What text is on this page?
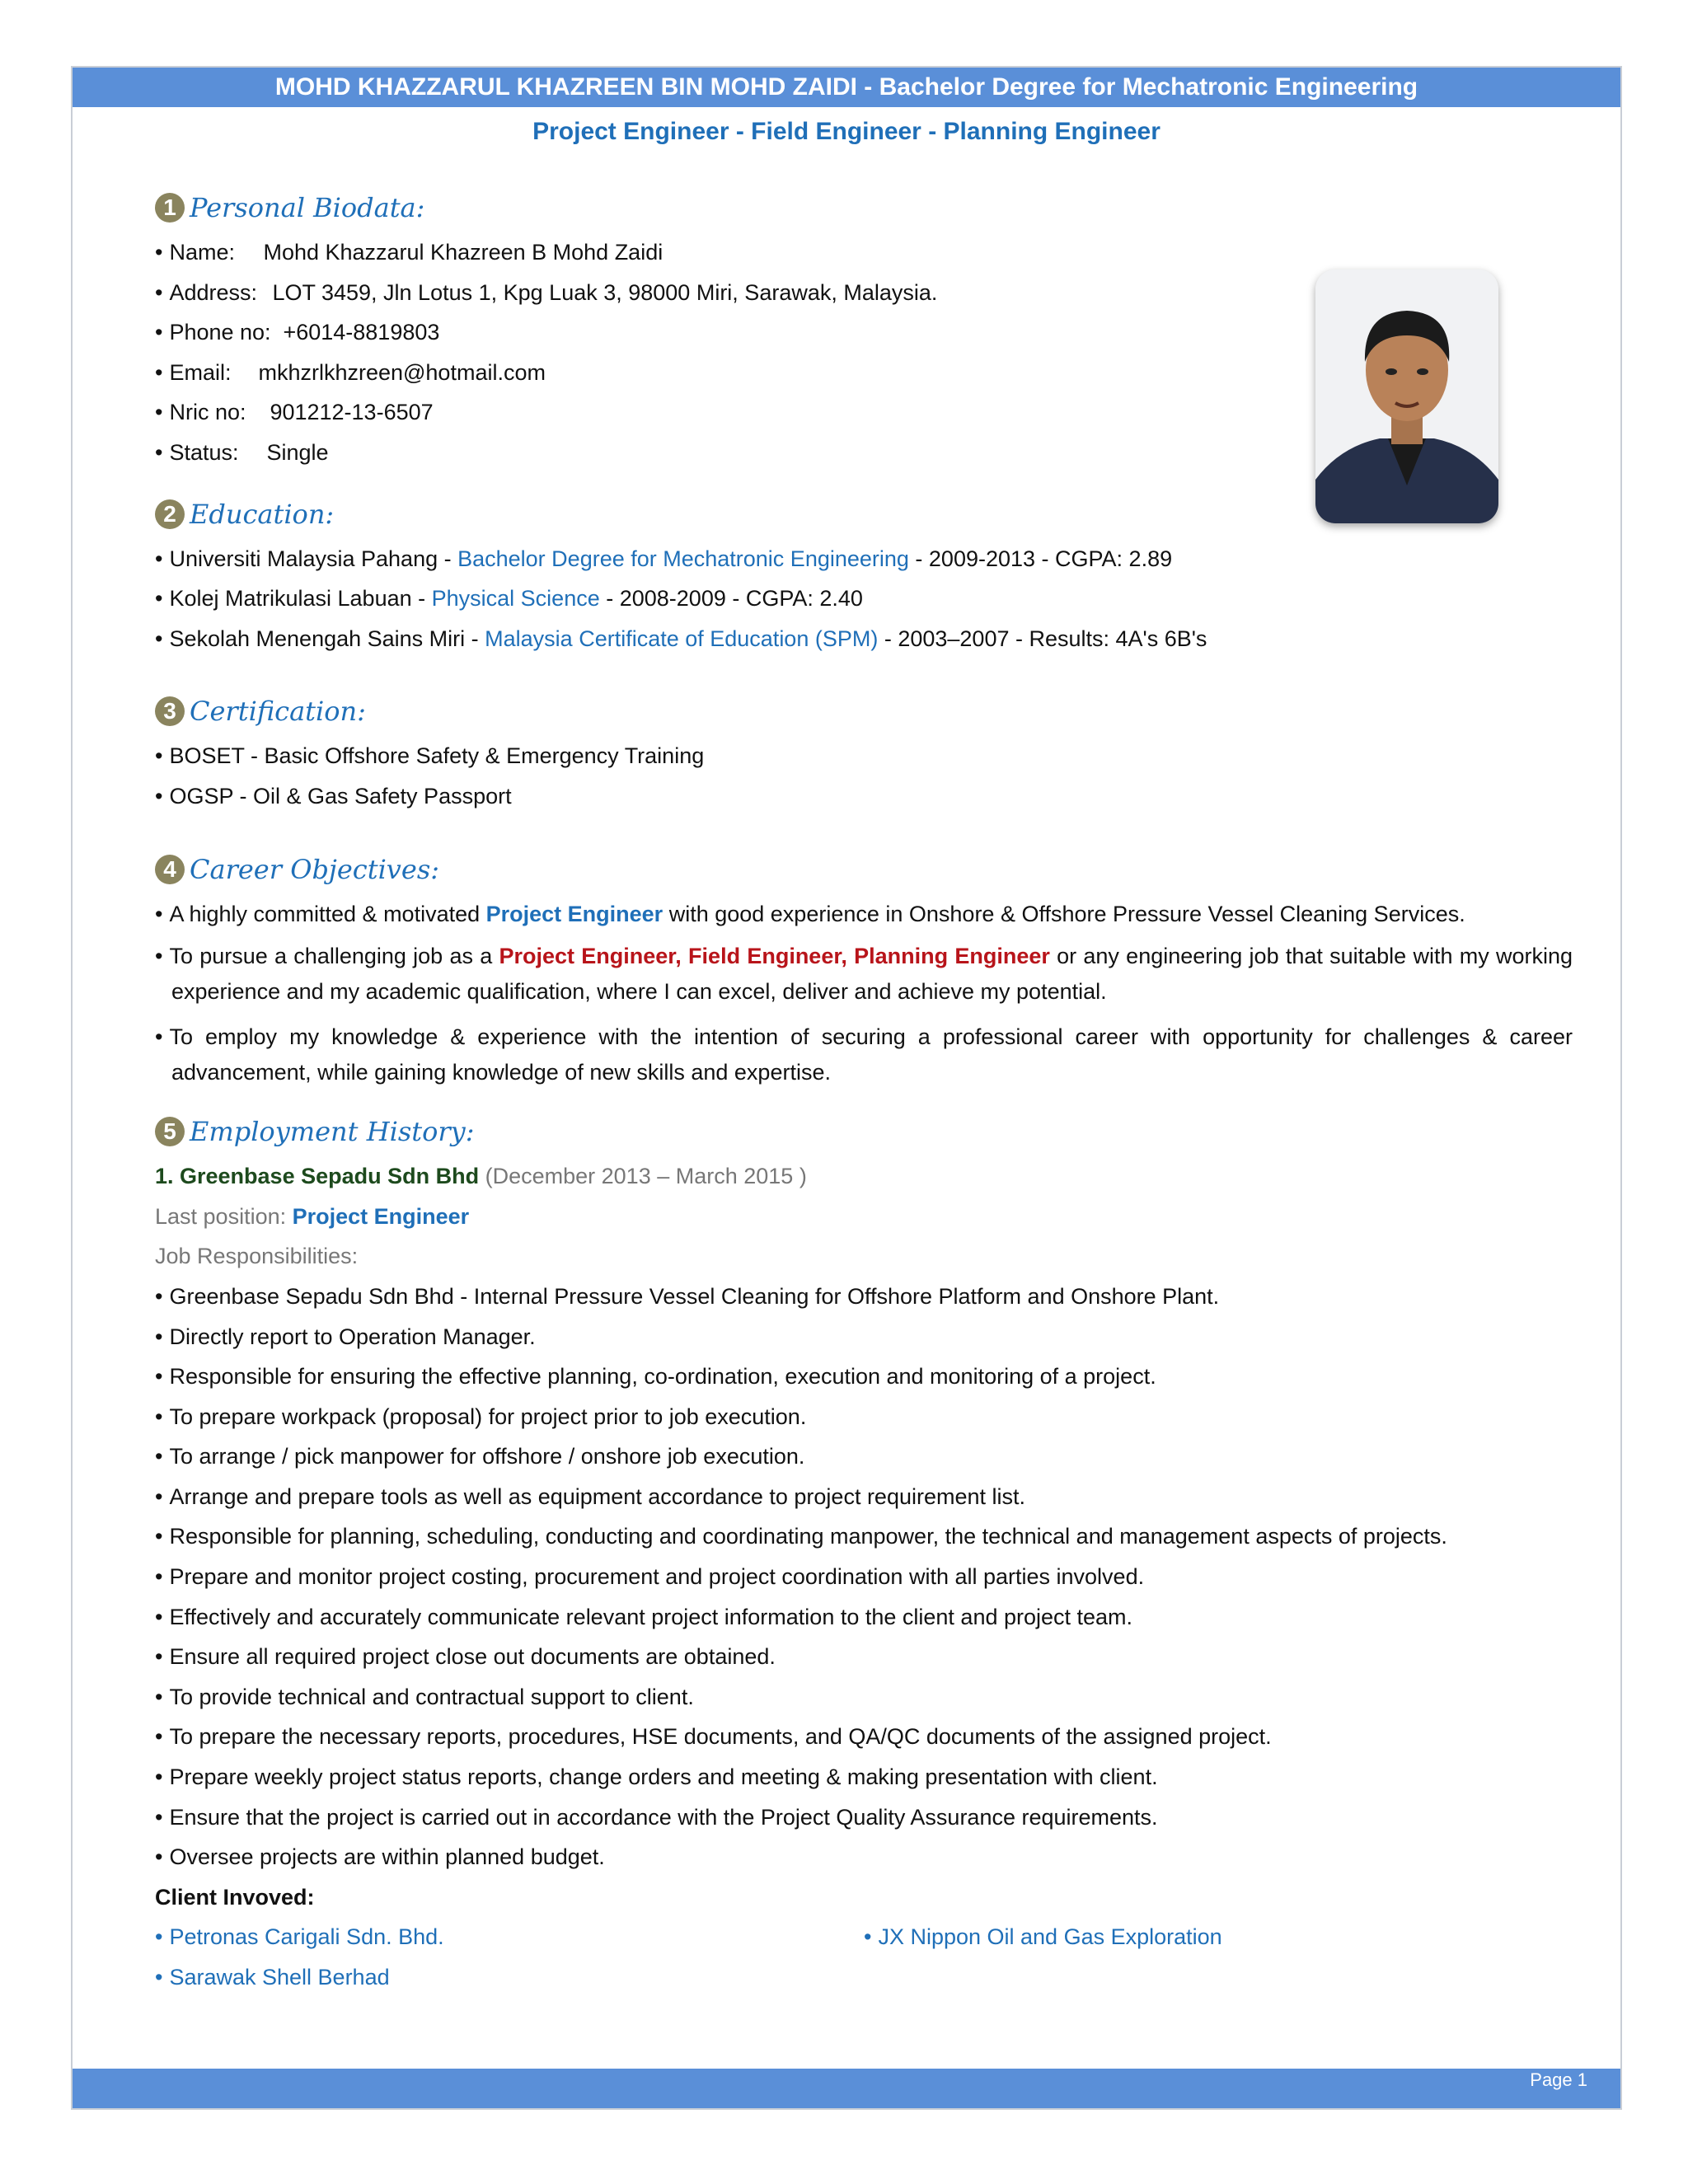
MOHD KHAZZARUL KHAZREEN BIN MOHD ZAIDI - Bachelor Degree for Mechatronic Engineering
Project Engineer - Field Engineer - Planning Engineer
1 Personal Biodata:
• Name: Mohd Khazzarul Khazreen B Mohd Zaidi
• Address: LOT 3459, Jln Lotus 1, Kpg Luak 3, 98000 Miri, Sarawak, Malaysia.
• Phone no: +6014-8819803
• Email: mkhzrlkhzreen@hotmail.com
• Nric no: 901212-13-6507
• Status: Single
2 Education:
• Universiti Malaysia Pahang - Bachelor Degree for Mechatronic Engineering - 2009-2013 - CGPA: 2.89
• Kolej Matrikulasi Labuan - Physical Science - 2008-2009 - CGPA: 2.40
• Sekolah Menengah Sains Miri - Malaysia Certificate of Education (SPM) - 2003–2007 - Results: 4A's 6B's
3 Certification:
• BOSET - Basic Offshore Safety & Emergency Training
• OGSP - Oil & Gas Safety Passport
4 Career Objectives:
• A highly committed & motivated Project Engineer with good experience in Onshore & Offshore Pressure Vessel Cleaning Services.
• To pursue a challenging job as a Project Engineer, Field Engineer, Planning Engineer or any engineering job that suitable with my working experience and my academic qualification, where I can excel, deliver and achieve my potential.
• To employ my knowledge & experience with the intention of securing a professional career with opportunity for challenges & career advancement, while gaining knowledge of new skills and expertise.
5 Employment History:
1. Greenbase Sepadu Sdn Bhd (December 2013 – March 2015 )
Last position: Project Engineer
Job Responsibilities:
• Greenbase Sepadu Sdn Bhd - Internal Pressure Vessel Cleaning for Offshore Platform and Onshore Plant.
• Directly report to Operation Manager.
• Responsible for ensuring the effective planning, co-ordination, execution and monitoring of a project.
• To prepare workpack (proposal) for project prior to job execution.
• To arrange / pick manpower for offshore / onshore job execution.
• Arrange and prepare tools as well as equipment accordance to project requirement list.
• Responsible for planning, scheduling, conducting and coordinating manpower, the technical and management aspects of projects.
• Prepare and monitor project costing, procurement and project coordination with all parties involved.
• Effectively and accurately communicate relevant project information to the client and project team.
• Ensure all required project close out documents are obtained.
• To provide technical and contractual support to client.
• To prepare the necessary reports, procedures, HSE documents, and QA/QC documents of the assigned project.
• Prepare weekly project status reports, change orders and meeting & making presentation with client.
• Ensure that the project is carried out in accordance with the Project Quality Assurance requirements.
• Oversee projects are within planned budget.
Client Invoved:
• Petronas Carigali Sdn. Bhd.	• JX Nippon Oil and Gas Exploration
• Sarawak Shell Berhad
Page 1
